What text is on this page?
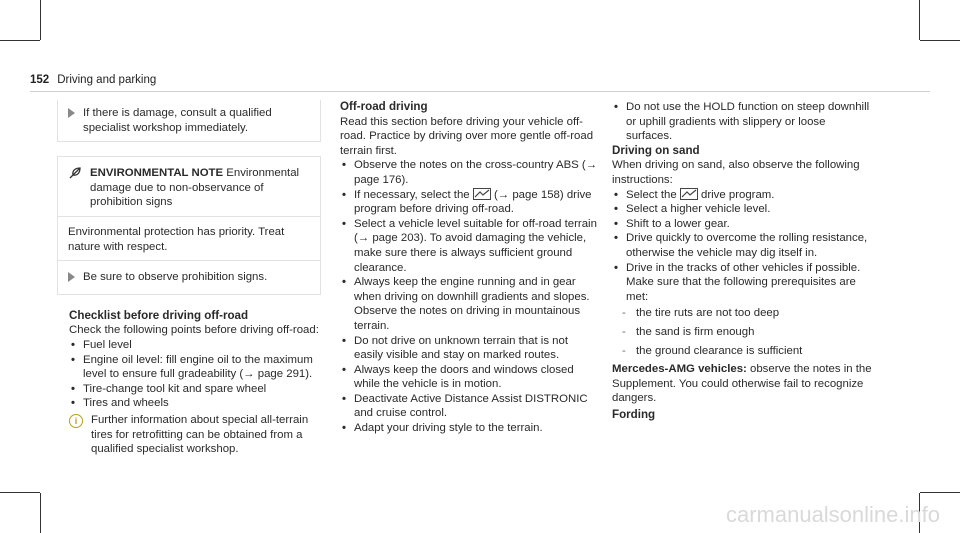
152 Driving and parking

If there is damage, consult a qualified specialist workshop immediately.

ENVIRONMENTAL NOTE Environmental damage due to non-observance of prohibition signs

Environmental protection has priority. Treat nature with respect.

Be sure to observe prohibition signs.

Checklist before driving off-road

Check the following points before driving off-road:

• Fuel level
• Engine oil level: fill engine oil to the maximum level to ensure full gradeability (→ page 291).
• Tire-change tool kit and spare wheel
• Tires and wheels
i	Further information about special all-terrain tires for retrofitting can be obtained from a qualified specialist workshop.

Off-road driving

Read this section before driving your vehicle off-road. Practice by driving over more gentle off-road terrain first.

• Observe the notes on the cross-country ABS (→ page 176).
• If necessary, select the (→ page 158) drive program before driving off-road.
• Select a vehicle level suitable for off-road terrain (→ page 203). To avoid damaging the vehicle, make sure there is always sufficient ground clearance.
• Always keep the engine running and in gear when driving on downhill gradients and slopes. Observe the notes on driving in mountainous terrain.
• Do not drive on unknown terrain that is not easily visible and stay on marked routes.
• Always keep the doors and windows closed while the vehicle is in motion.
• Deactivate Active Distance Assist DISTRONIC and cruise control.
• Adapt your driving style to the terrain.
• Do not use the HOLD function on steep downhill or uphill gradients with slippery or loose surfaces.
Driving on sand

When driving on sand, also observe the following instructions:

• Select the drive program.
• Select a higher vehicle level.
• Shift to a lower gear.
• Drive quickly to overcome the rolling resistance, otherwise the vehicle may dig itself in.
• Drive in the tracks of other vehicles if possible. Make sure that the following prerequisites are met:
- the tire ruts are not too deep
- the sand is firm enough
- the ground clearance is sufficient

Mercedes-AMG vehicles: observe the notes in the Supplement. You could otherwise fail to recognize dangers.

Fording
carmanualsonline.info
